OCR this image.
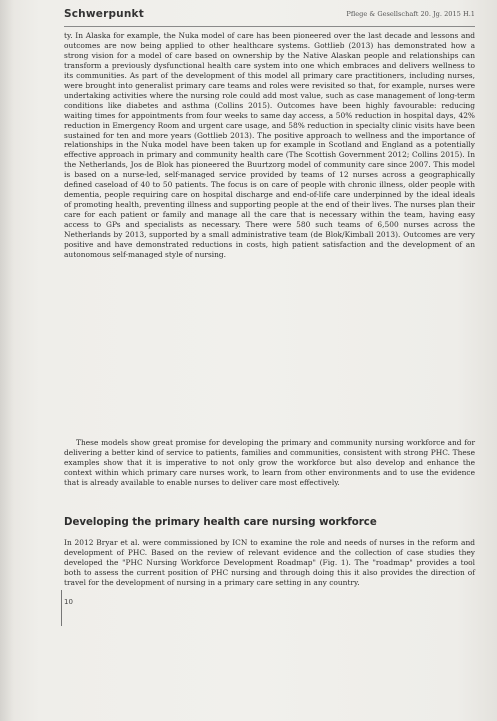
Schwerpunkt	Pflege & Gesellschaft 20. Jg. 2015 H.1

ty. In Alaska for example, the Nuka model of care has been pioneered over the last decade and lessons and outcomes are now being applied to other healthcare systems. Gottlieb (2013) has demonstrated how a strong vision for a model of care based on ownership by the Native Alaskan people and relationships can transform a previously dysfunctional health care system into one which embraces and delivers wellness to its communities. As part of the development of this model all primary care practitioners, including nurses, were brought into generalist primary care teams and roles were revisited so that, for example, nurses were undertaking activities where the nursing role could add most value, such as case management of long-term conditions like diabetes and asthma (Collins 2015). Outcomes have been highly favourable: reducing waiting times for appointments from four weeks to same day access, a 50% reduction in hospital days, 42% reduction in Emergency Room and urgent care usage, and 58% reduction in specialty clinic visits have been sustained for ten and more years (Gottlieb 2013). The positive approach to wellness and the importance of relationships in the Nuka model have been taken up for example in Scotland and England as a potentially effective approach in primary and community health care (The Scottish Government 2012; Collins 2015). In the Netherlands, Jos de Blok has pioneered the Buurtzorg model of community care since 2007. This model is based on a nurse-led, self-managed service provided by teams of 12 nurses across a geographically defined caseload of 40 to 50 patients. The focus is on care of people with chronic illness, older people with dementia, people requiring care on hospital discharge and end-of-life care underpinned by the ideal ideals of promoting health, preventing illness and supporting people at the end of their lives. The nurses plan their care for each patient or family and manage all the care that is necessary within the team, having easy access to GPs and specialists as necessary. There were 580 such teams of 6,500 nurses across the Netherlands by 2013, supported by a small administrative team (de Blok/Kimball 2013). Outcomes are very positive and have demonstrated reductions in costs, high patient satisfaction and the development of an autonomous self-managed style of nursing.

These models show great promise for developing the primary and community nursing workforce and for delivering a better kind of service to patients, families and communities, consistent with strong PHC. These examples show that it is imperative to not only grow the workforce but also develop and enhance the context within which primary care nurses work, to learn from other environments and to use the evidence that is already available to enable nurses to deliver care most effectively.

Developing the primary health care nursing workforce

In 2012 Bryar et al. were commissioned by ICN to examine the role and needs of nurses in the reform and development of PHC. Based on the review of relevant evidence and the collection of case studies they developed the "PHC Nursing Workforce Development Roadmap" (Fig. 1). The "roadmap" provides a tool both to assess the current position of PHC nursing and through doing this it also provides the direction of travel for the development of nursing in a primary care setting in any country.

10
